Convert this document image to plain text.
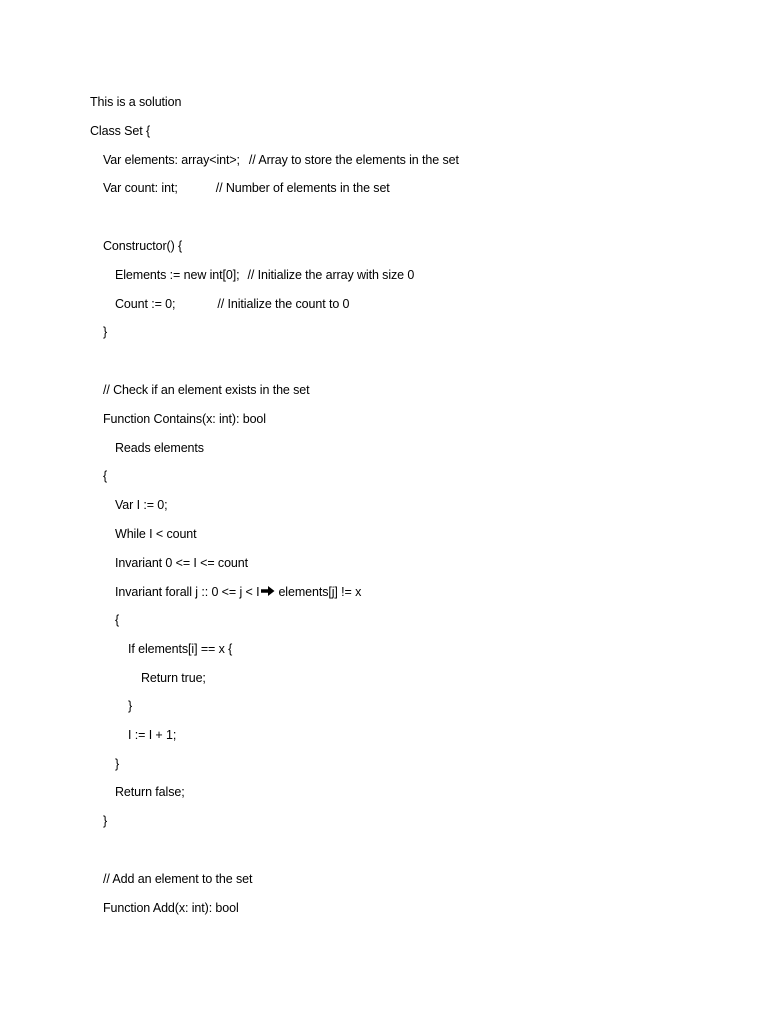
This is a solution
Class Set {
Var elements: array<int>; // Array to store the elements in the set
Var count: int;	// Number of elements in the set
Constructor() {
Elements := new int[0]; // Initialize the array with size 0
Count := 0;	// Initialize the count to 0
}
// Check if an element exists in the set
Function Contains(x: int): bool
Reads elements
{
Var I := 0;
While I < count
Invariant 0 <= I <= count
Invariant forall j :: 0 <= j < I elements[j] != x
{
If elements[i] == x {
Return true;
}
I := I + 1;
}
Return false;
}
// Add an element to the set
Function Add(x: int): bool
